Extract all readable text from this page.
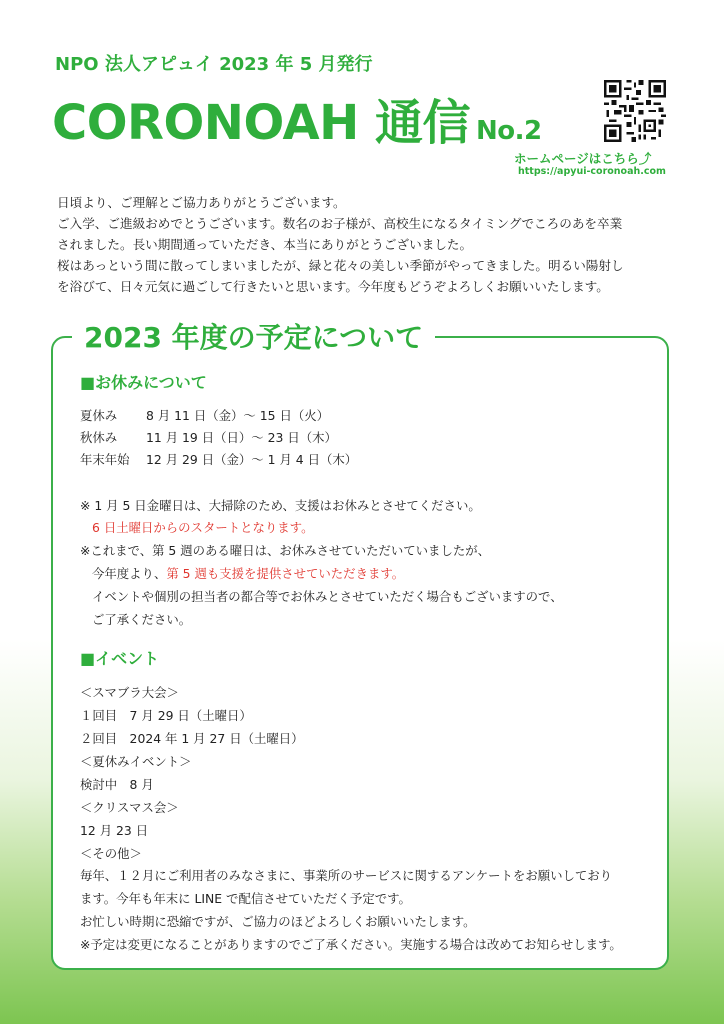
NPO 法人アピュイ 2023 年 5 月発行
CORONOAH 通信 No.2
ホームページはこちら⤴
https://apyui-coronoah.com

日頃より、ご理解とご協力ありがとうございます。

ご入学、ご進級おめでとうございます。数名のお子様が、高校生になるタイミングでころのあを卒業

されました。長い期間通っていただき、本当にありがとうございました。

桜はあっという間に散ってしまいましたが、緑と花々の美しい季節がやってきました。明るい陽射し

を浴びて、日々元気に過ごして行きたいと思います。今年度もどうぞよろしくお願いいたします。

2023 年度の予定について
■お休みについて
夏休み 8 月 11 日（金）～ 15 日（火）
秋休み 11 月 19 日（日）～ 23 日（木）
年末年始 12 月 29 日（金）～ 1 月 4 日（木）
※ 1 月 5 日金曜日は、大掃除のため、支援はお休みとさせてください。
6 日土曜日からのスタートとなります。
※これまで、第 5 週のある曜日は、お休みさせていただいていましたが、
今年度より、第 5 週も支援を提供させていただきます。
イベントや個別の担当者の都合等でお休みとさせていただく場合もございますので、
ご了承ください。
■イベント
＜スマブラ大会＞
１回目　7 月 29 日（土曜日）
２回目　2024 年 1 月 27 日（土曜日）
＜夏休みイベント＞
検討中　8 月
＜クリスマス会＞
12 月 23 日
＜その他＞
毎年、１２月にご利用者のみなさまに、事業所のサービスに関するアンケートをお願いしており
ます。今年も年末に LINE で配信させていただく予定です。
お忙しい時期に恐縮ですが、ご協力のほどよろしくお願いいたします。
※予定は変更になることがありますのでご了承ください。実施する場合は改めてお知らせします。
